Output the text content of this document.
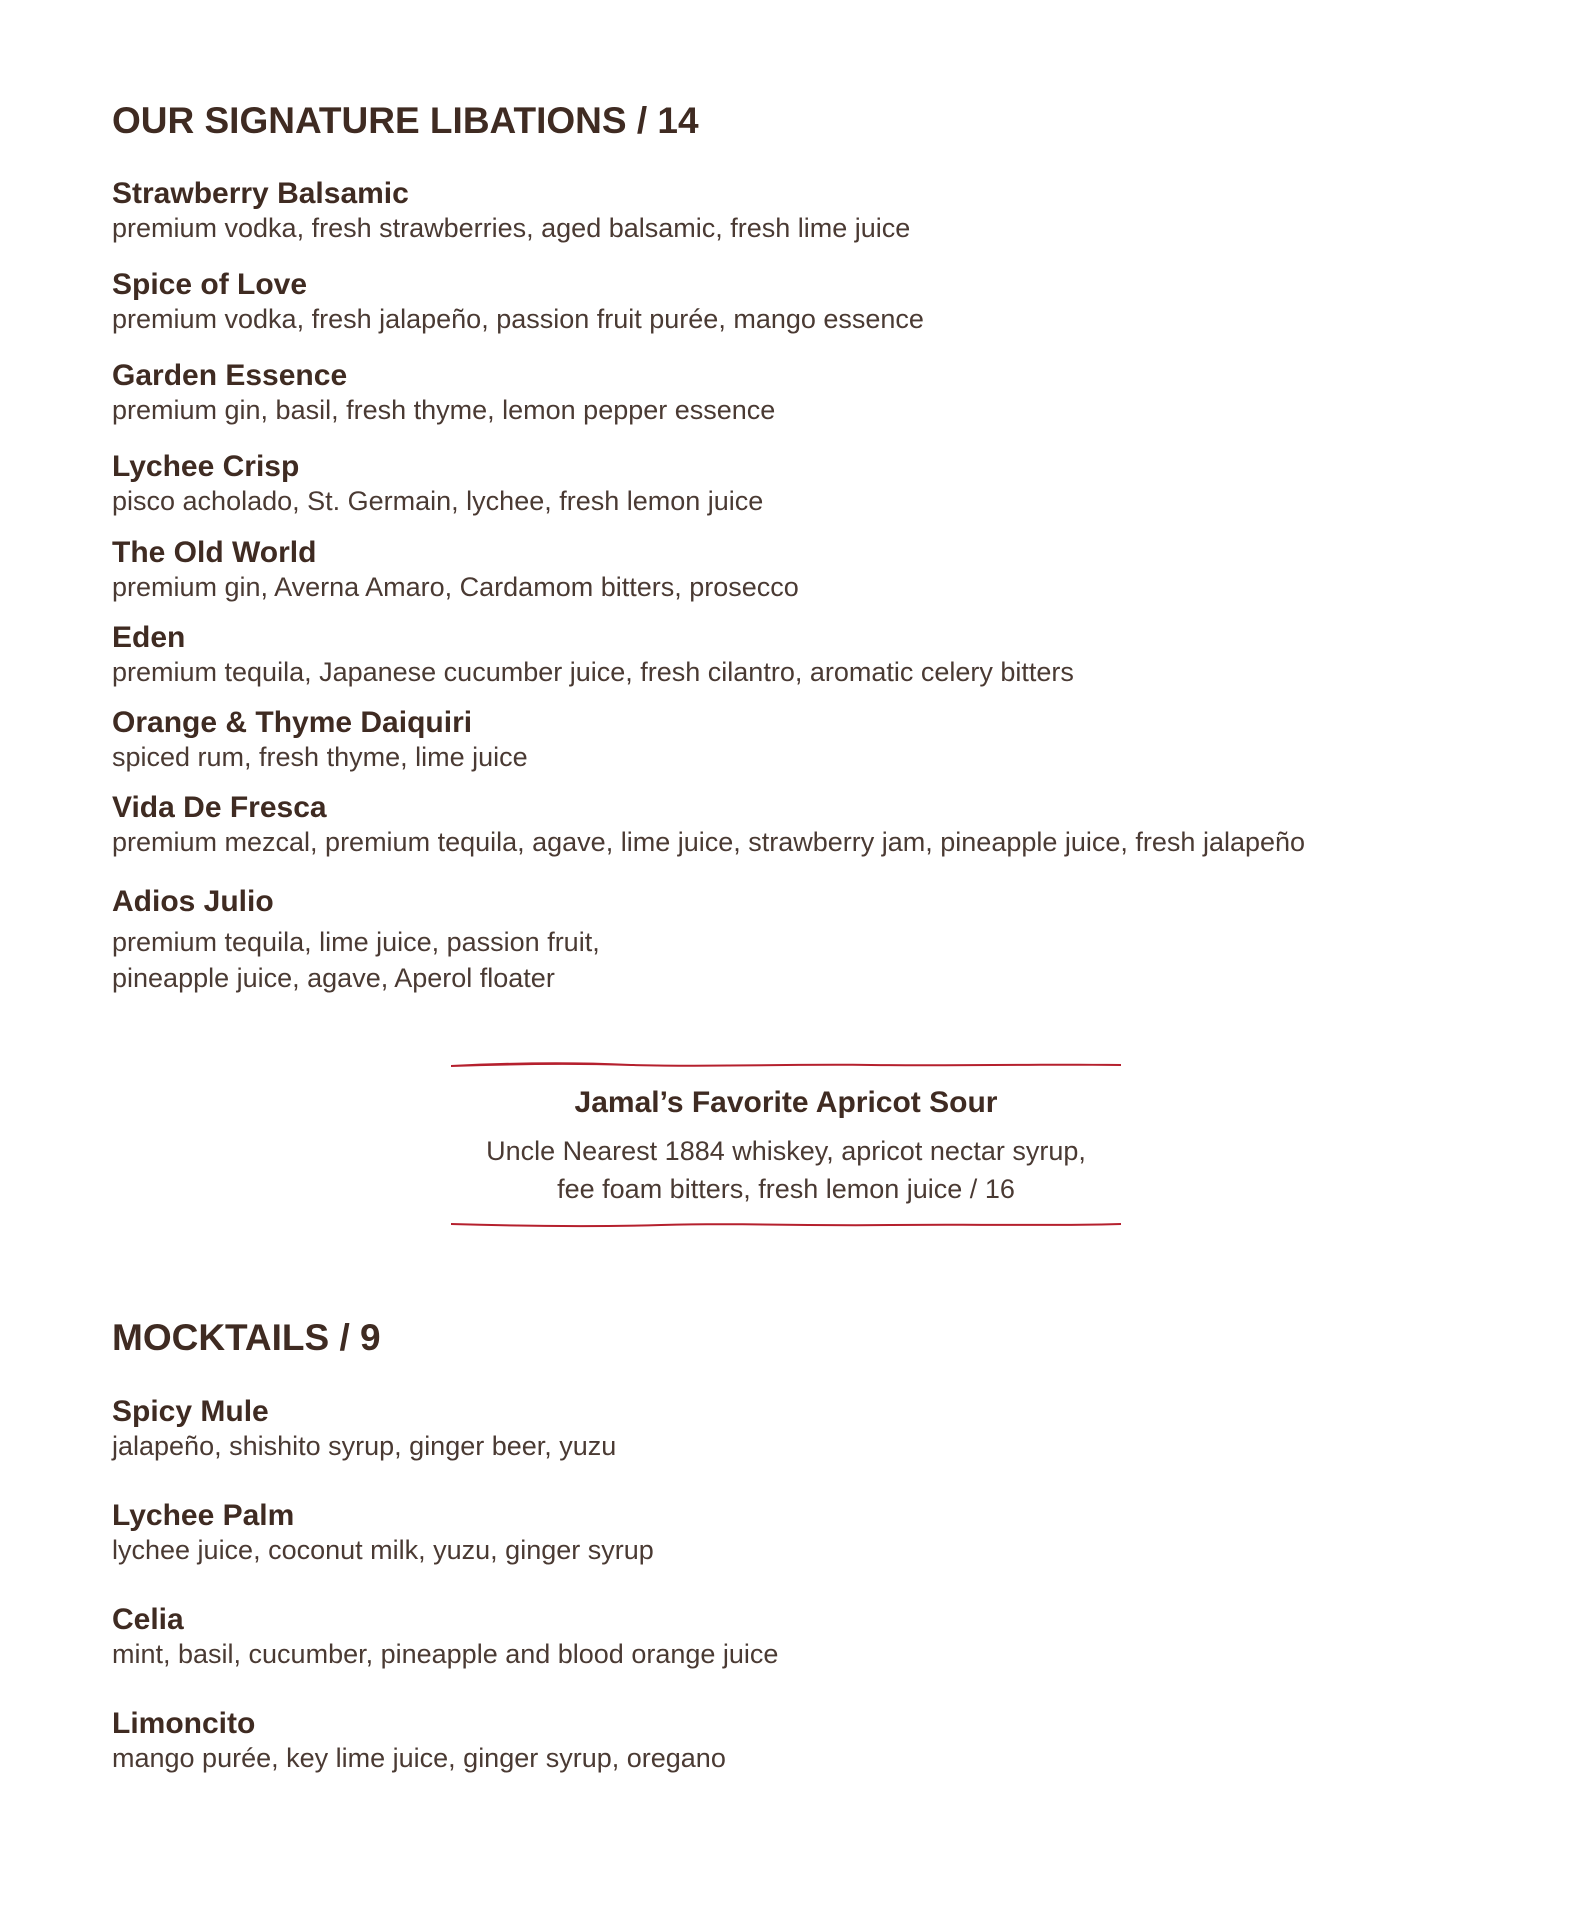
OUR SIGNATURE LIBATIONS / 14
Strawberry Balsamic
premium vodka, fresh strawberries, aged balsamic, fresh lime juice
Spice of Love
premium vodka, fresh jalapeño, passion fruit purée, mango essence
Garden Essence
premium gin, basil, fresh thyme, lemon pepper essence
Lychee Crisp
pisco acholado, St. Germain, lychee, fresh lemon juice
The Old World
premium gin, Averna Amaro, Cardamom bitters, prosecco
Eden
premium tequila, Japanese cucumber juice, fresh cilantro, aromatic celery bitters
Orange & Thyme Daiquiri
spiced rum, fresh thyme, lime juice
Vida De Fresca
premium mezcal, premium tequila, agave, lime juice, strawberry jam, pineapple juice, fresh jalapeño
Adios Julio
premium tequila, lime juice, passion fruit,
pineapple juice, agave, Aperol floater
Jamal’s Favorite Apricot Sour
Uncle Nearest 1884 whiskey, apricot nectar syrup,
fee foam bitters, fresh lemon juice / 16
MOCKTAILS / 9
Spicy Mule
jalapeño, shishito syrup, ginger beer, yuzu
Lychee Palm
lychee juice, coconut milk, yuzu, ginger syrup
Celia
mint, basil, cucumber, pineapple and blood orange juice
Limoncito
mango purée, key lime juice, ginger syrup, oregano
